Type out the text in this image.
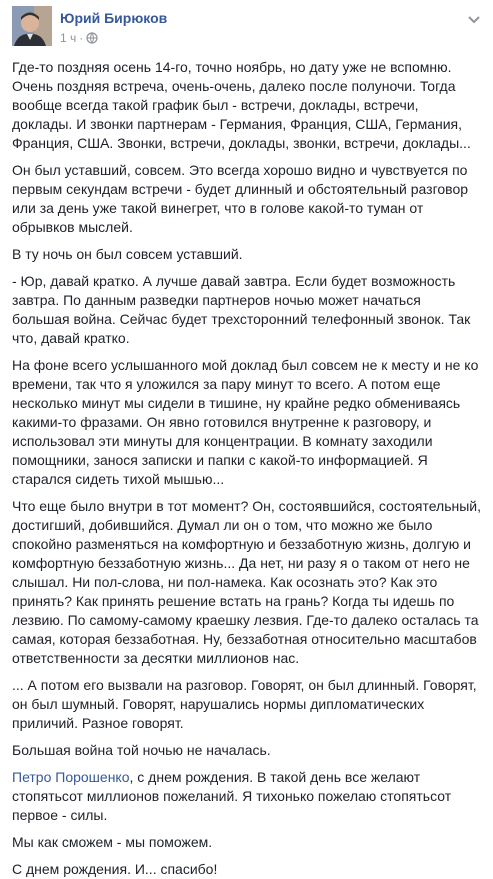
Юрий Бирюков
1 ч ·

Где-то поздняя осень 14-го, точно ноябрь, но дату уже не вспомню. Очень поздняя встреча, очень-очень, далеко после полуночи. Тогда вообще всегда такой график был - встречи, доклады, встречи, доклады. И звонки партнерам - Германия, Франция, США, Германия, Франция, США. Звонки, встречи, доклады, звонки, встречи, доклады...

Он был уставший, совсем. Это всегда хорошо видно и чувствуется по первым секундам встречи - будет длинный и обстоятельный разговор или за день уже такой винегрет, что в голове какой-то туман от обрывков мыслей.

В ту ночь он был совсем уставший.

- Юр, давай кратко. А лучше давай завтра. Если будет возможность завтра. По данным разведки партнеров ночью может начаться большая война. Сейчас будет трехсторонний телефонный звонок. Так что, давай кратко.

На фоне всего услышанного мой доклад был совсем не к месту и не ко времени, так что я уложился за пару минут то всего. А потом еще несколько минут мы сидели в тишине, ну крайне редко обмениваясь какими-то фразами. Он явно готовился внутренне к разговору, и использовал эти минуты для концентрации. В комнату заходили помощники, занося записки и папки с какой-то информацией. Я старался сидеть тихой мышью...

Что еще было внутри в тот момент? Он, состоявшийся, состоятельный, достигший, добившийся. Думал ли он о том, что можно же было спокойно разменяться на комфортную и беззаботную жизнь, долгую и комфортную беззаботную жизнь... Да нет, ни разу я о таком от него не слышал. Ни пол-слова, ни пол-намека. Как осознать это? Как это принять? Как принять решение встать на грань? Когда ты идешь по лезвию. По самому-самому краешку лезвия. Где-то далеко осталась та самая, которая беззаботная. Ну, беззаботная относительно масштабов ответственности за десятки миллионов нас.

... А потом его вызвали на разговор. Говорят, он был длинный. Говорят, он был шумный. Говорят, нарушались нормы дипломатических приличий. Разное говорят.

Большая война той ночью не началась.

Петро Порошенко, с днем рождения. В такой день все желают стопятьсот миллионов пожеланий. Я тихонько пожелаю стопятьсот первое - силы.

Мы как сможем - мы поможем.

С днем рождения. И... спасибо!
